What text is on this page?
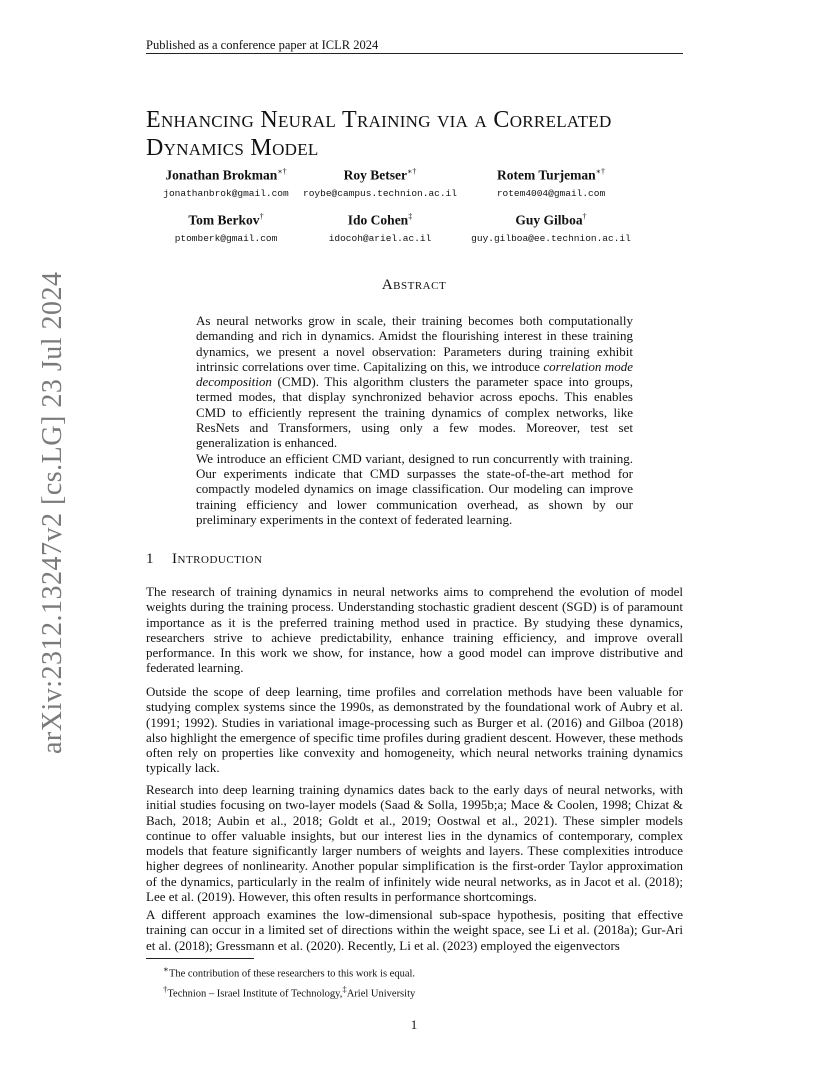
Published as a conference paper at ICLR 2024
arXiv:2312.13247v2 [cs.LG] 23 Jul 2024
Enhancing Neural Training via a Correlated
Dynamics Model
Jonathan Brokman∗†
jonathanbrok@gmail.com
Roy Betser∗†
roybe@campus.technion.ac.il
Rotem Turjeman∗†
rotem4004@gmail.com
Tom Berkov†
ptomberk@gmail.com
Ido Cohen‡
idocoh@ariel.ac.il
Guy Gilboa†
guy.gilboa@ee.technion.ac.il
Abstract

As neural networks grow in scale, their training becomes both computationally demanding and rich in dynamics. Amidst the flourishing interest in these training dynamics, we present a novel observation: Parameters during training exhibit intrinsic correlations over time. Capitalizing on this, we introduce correlation mode decomposition (CMD). This algorithm clusters the parameter space into groups, termed modes, that display synchronized behavior across epochs. This enables CMD to efficiently represent the training dynamics of complex networks, like ResNets and Transformers, using only a few modes. Moreover, test set generalization is enhanced.

We introduce an efficient CMD variant, designed to run concurrently with training. Our experiments indicate that CMD surpasses the state-of-the-art method for compactly modeled dynamics on image classification. Our modeling can improve training efficiency and lower communication overhead, as shown by our preliminary experiments in the context of federated learning.

1 Introduction
The research of training dynamics in neural networks aims to comprehend the evolution of model weights during the training process. Understanding stochastic gradient descent (SGD) is of paramount importance as it is the preferred training method used in practice. By studying these dynamics, researchers strive to achieve predictability, enhance training efficiency, and improve overall performance. In this work we show, for instance, how a good model can improve distributive and federated learning.
Outside the scope of deep learning, time profiles and correlation methods have been valuable for studying complex systems since the 1990s, as demonstrated by the foundational work of Aubry et al. (1991; 1992). Studies in variational image-processing such as Burger et al. (2016) and Gilboa (2018) also highlight the emergence of specific time profiles during gradient descent. However, these methods often rely on properties like convexity and homogeneity, which neural networks training dynamics typically lack.
Research into deep learning training dynamics dates back to the early days of neural networks, with initial studies focusing on two-layer models (Saad & Solla, 1995b;a; Mace & Coolen, 1998; Chizat & Bach, 2018; Aubin et al., 2018; Goldt et al., 2019; Oostwal et al., 2021). These simpler models continue to offer valuable insights, but our interest lies in the dynamics of contemporary, complex models that feature significantly larger numbers of weights and layers. These complexities introduce higher degrees of nonlinearity. Another popular simplification is the first-order Taylor approximation of the dynamics, particularly in the realm of infinitely wide neural networks, as in Jacot et al. (2018); Lee et al. (2019). However, this often results in performance shortcomings.
A different approach examines the low-dimensional sub-space hypothesis, positing that effective training can occur in a limited set of directions within the weight space, see Li et al. (2018a); Gur-Ari et al. (2018); Gressmann et al. (2020). Recently, Li et al. (2023) employed the eigenvectors
∗The contribution of these researchers to this work is equal.
†Technion – Israel Institute of Technology,‡Ariel University
1
